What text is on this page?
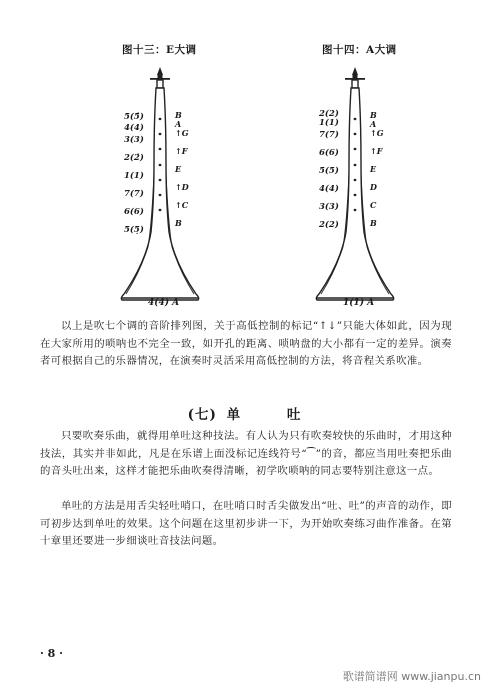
图十三：E大调
5(5̇)
4(4)
3(3)
2(2̇)
1(1)
7(7)
6(6)
5(5̣)
B
A
↑G
↑F
E
↑D
↑C
B
4(4̇) A
图十四：A大调
2(2)
1(1)
7(7)
6(6)
5(5)
4(4)
3(3)
2(2)
B
A
↑G
↑F
E
D
C
B
1(1̇) A
以上是吹七个调的音阶排列图，关于高低控制的标记“↑↓”只能大体如此，因为现在大家所用的唢呐也不完全一致，如开孔的距离、唢呐盘的大小都有一定的差异。演奏者可根据自己的乐器情况，在演奏时灵活采用高低控制的方法，将音程关系吹准。
(七) 单	吐
只要吹奏乐曲，就得用单吐这种技法。有人认为只有吹奏较快的乐曲时，才用这种技法，其实并非如此，凡是在乐谱上面没标记连线符号“⁀”的音，都应当用吐奏把乐曲的音头吐出来，这样才能把乐曲吹奏得清晰，初学吹唢呐的同志要特别注意这一点。
单吐的方法是用舌尖轻吐哨口，在吐哨口时舌尖做发出“吐、吐”的声音的动作，即可初步达到单吐的效果。这个问题在这里初步讲一下，为开始吹奏练习曲作准备。在第十章里还要进一步细谈吐音技法问题。
· 8 ·
歌谱简谱网 www.jianpu.cn
